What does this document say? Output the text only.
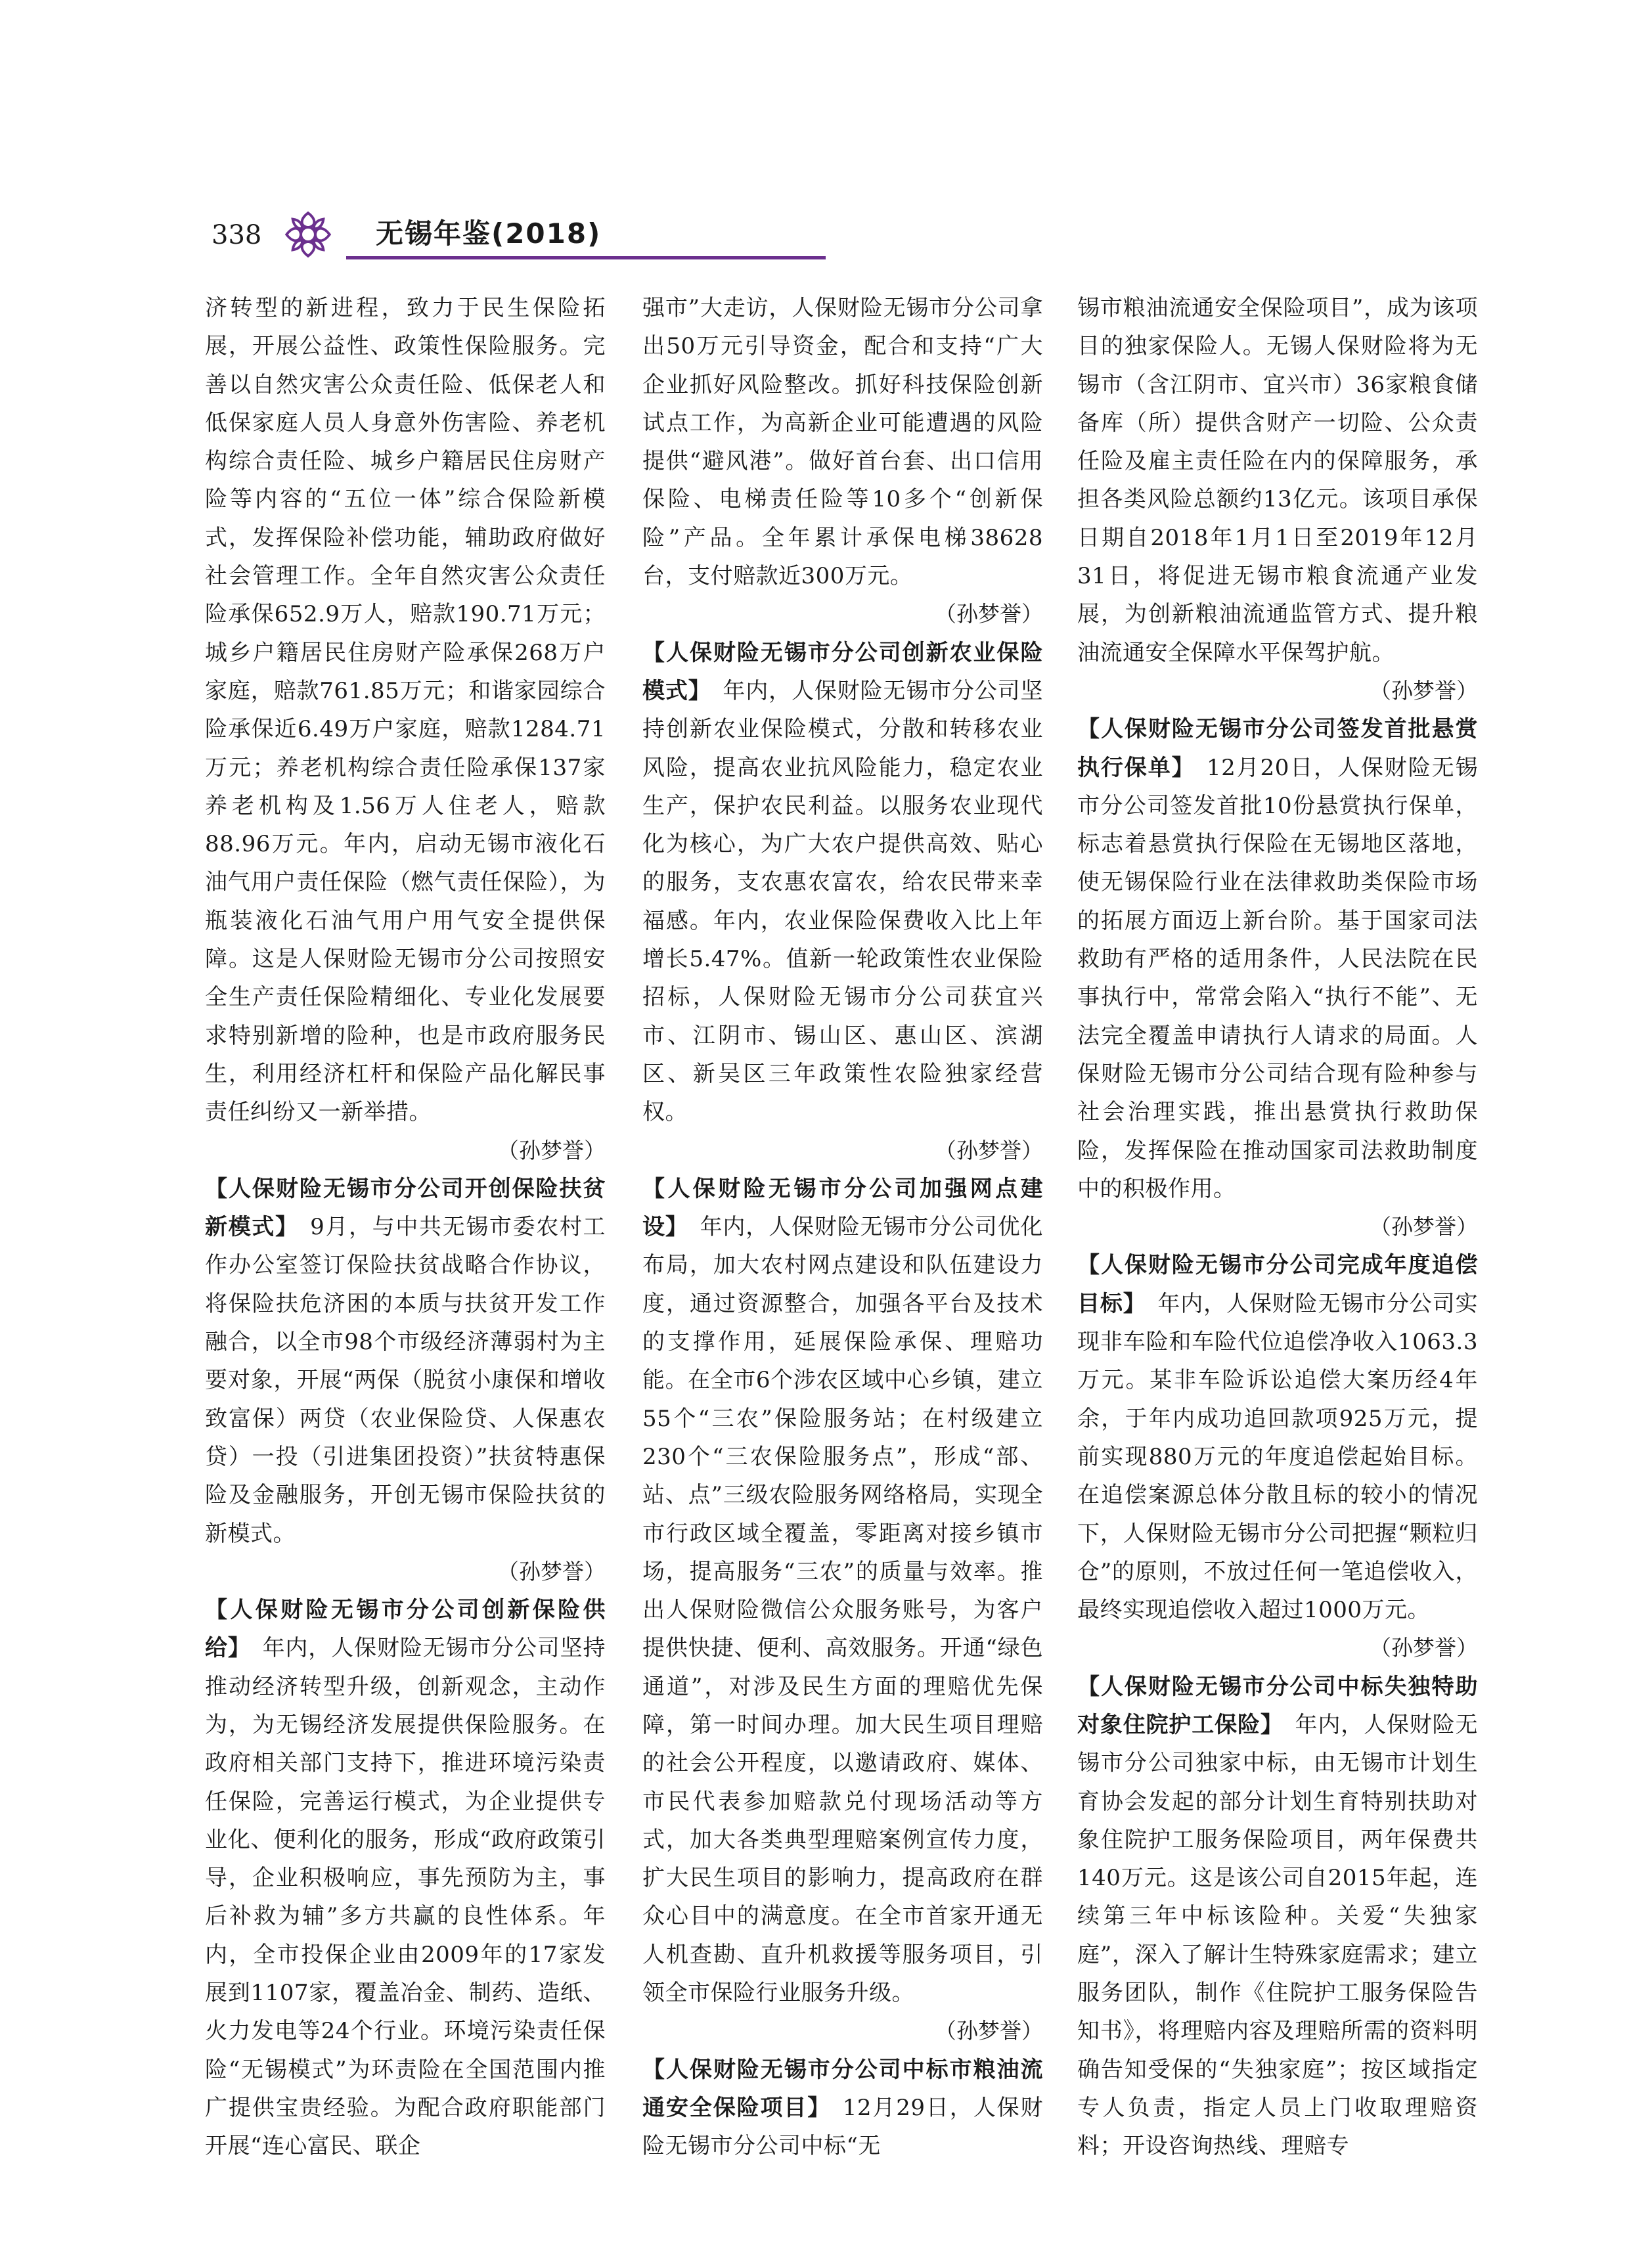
338	无锡年鉴(2018)

济转型的新进程，致力于民生保险拓展，开展公益性、政策性保险服务。完善以自然灾害公众责任险、低保老人和低保家庭人员人身意外伤害险、养老机构综合责任险、城乡户籍居民住房财产险等内容的“五位一体”综合保险新模式，发挥保险补偿功能，辅助政府做好社会管理工作。全年自然灾害公众责任险承保652.9万人，赔款190.71万元；城乡户籍居民住房财产险承保268万户家庭，赔款761.85万元；和谐家园综合险承保近6.49万户家庭，赔款1284.71万元；养老机构综合责任险承保137家养老机构及1.56万人住老人，赔款88.96万元。年内，启动无锡市液化石油气用户责任保险（燃气责任保险），为瓶装液化石油气用户用气安全提供保障。这是人保财险无锡市分公司按照安全生产责任保险精细化、专业化发展要求特别新增的险种，也是市政府服务民生，利用经济杠杆和保险产品化解民事责任纠纷又一新举措。

（孙梦誉）

【人保财险无锡市分公司开创保险扶贫新模式】  9月，与中共无锡市委农村工作办公室签订保险扶贫战略合作协议，将保险扶危济困的本质与扶贫开发工作融合，以全市98个市级经济薄弱村为主要对象，开展“两保（脱贫小康保和增收致富保）两贷（农业保险贷、人保惠农贷）一投（引进集团投资）”扶贫特惠保险及金融服务，开创无锡市保险扶贫的新模式。

（孙梦誉）

【人保财险无锡市分公司创新保险供给】  年内，人保财险无锡市分公司坚持推动经济转型升级，创新观念，主动作为，为无锡经济发展提供保险服务。在政府相关部门支持下，推进环境污染责任保险，完善运行模式，为企业提供专业化、便利化的服务，形成“政府政策引导，企业积极响应，事先预防为主，事后补救为辅”多方共赢的良性体系。年内，全市投保企业由2009年的17家发展到1107家，覆盖冶金、制药、造纸、火力发电等24个行业。环境污染责任保险“无锡模式”为环责险在全国范围内推广提供宝贵经验。为配合政府职能部门开展“连心富民、联企

强市”大走访，人保财险无锡市分公司拿出50万元引导资金，配合和支持“广大企业抓好风险整改。抓好科技保险创新试点工作，为高新企业可能遭遇的风险提供“避风港”。做好首台套、出口信用保险、电梯责任险等10多个“创新保险”产品。全年累计承保电梯38628台，支付赔款近300万元。

（孙梦誉）

【人保财险无锡市分公司创新农业保险模式】  年内，人保财险无锡市分公司坚持创新农业保险模式，分散和转移农业风险，提高农业抗风险能力，稳定农业生产，保护农民利益。以服务农业现代化为核心，为广大农户提供高效、贴心的服务，支农惠农富农，给农民带来幸福感。年内，农业保险保费收入比上年增长5.47%。值新一轮政策性农业保险招标，人保财险无锡市分公司获宜兴市、江阴市、锡山区、惠山区、滨湖区、新吴区三年政策性农险独家经营权。

（孙梦誉）

【人保财险无锡市分公司加强网点建设】  年内，人保财险无锡市分公司优化布局，加大农村网点建设和队伍建设力度，通过资源整合，加强各平台及技术的支撑作用，延展保险承保、理赔功能。在全市6个涉农区域中心乡镇，建立55个“三农”保险服务站；在村级建立230个“三农保险服务点”，形成“部、站、点”三级农险服务网络格局，实现全市行政区域全覆盖，零距离对接乡镇市场，提高服务“三农”的质量与效率。推出人保财险微信公众服务账号，为客户提供快捷、便利、高效服务。开通“绿色通道”，对涉及民生方面的理赔优先保障，第一时间办理。加大民生项目理赔的社会公开程度，以邀请政府、媒体、市民代表参加赔款兑付现场活动等方式，加大各类典型理赔案例宣传力度，扩大民生项目的影响力，提高政府在群众心目中的满意度。在全市首家开通无人机查勘、直升机救援等服务项目，引领全市保险行业服务升级。

（孙梦誉）

【人保财险无锡市分公司中标市粮油流通安全保险项目】  12月29日，人保财险无锡市分公司中标“无

锡市粮油流通安全保险项目”，成为该项目的独家保险人。无锡人保财险将为无锡市（含江阴市、宜兴市）36家粮食储备库（所）提供含财产一切险、公众责任险及雇主责任险在内的保障服务，承担各类风险总额约13亿元。该项目承保日期自2018年1月1日至2019年12月31日，将促进无锡市粮食流通产业发展，为创新粮油流通监管方式、提升粮油流通安全保障水平保驾护航。

（孙梦誉）

【人保财险无锡市分公司签发首批悬赏执行保单】  12月20日，人保财险无锡市分公司签发首批10份悬赏执行保单，标志着悬赏执行保险在无锡地区落地，使无锡保险行业在法律救助类保险市场的拓展方面迈上新台阶。基于国家司法救助有严格的适用条件，人民法院在民事执行中，常常会陷入“执行不能”、无法完全覆盖申请执行人请求的局面。人保财险无锡市分公司结合现有险种参与社会治理实践，推出悬赏执行救助保险，发挥保险在推动国家司法救助制度中的积极作用。

（孙梦誉）

【人保财险无锡市分公司完成年度追偿目标】  年内，人保财险无锡市分公司实现非车险和车险代位追偿净收入1063.3万元。某非车险诉讼追偿大案历经4年余，于年内成功追回款项925万元，提前实现880万元的年度追偿起始目标。在追偿案源总体分散且标的较小的情况下，人保财险无锡市分公司把握“颗粒归仓”的原则，不放过任何一笔追偿收入，最终实现追偿收入超过1000万元。

（孙梦誉）

【人保财险无锡市分公司中标失独特助对象住院护工保险】  年内，人保财险无锡市分公司独家中标，由无锡市计划生育协会发起的部分计划生育特别扶助对象住院护工服务保险项目，两年保费共140万元。这是该公司自2015年起，连续第三年中标该险种。关爱“失独家庭”，深入了解计生特殊家庭需求；建立服务团队，制作《住院护工服务保险告知书》，将理赔内容及理赔所需的资料明确告知受保的“失独家庭”；按区域指定专人负责，指定人员上门收取理赔资料；开设咨询热线、理赔专
